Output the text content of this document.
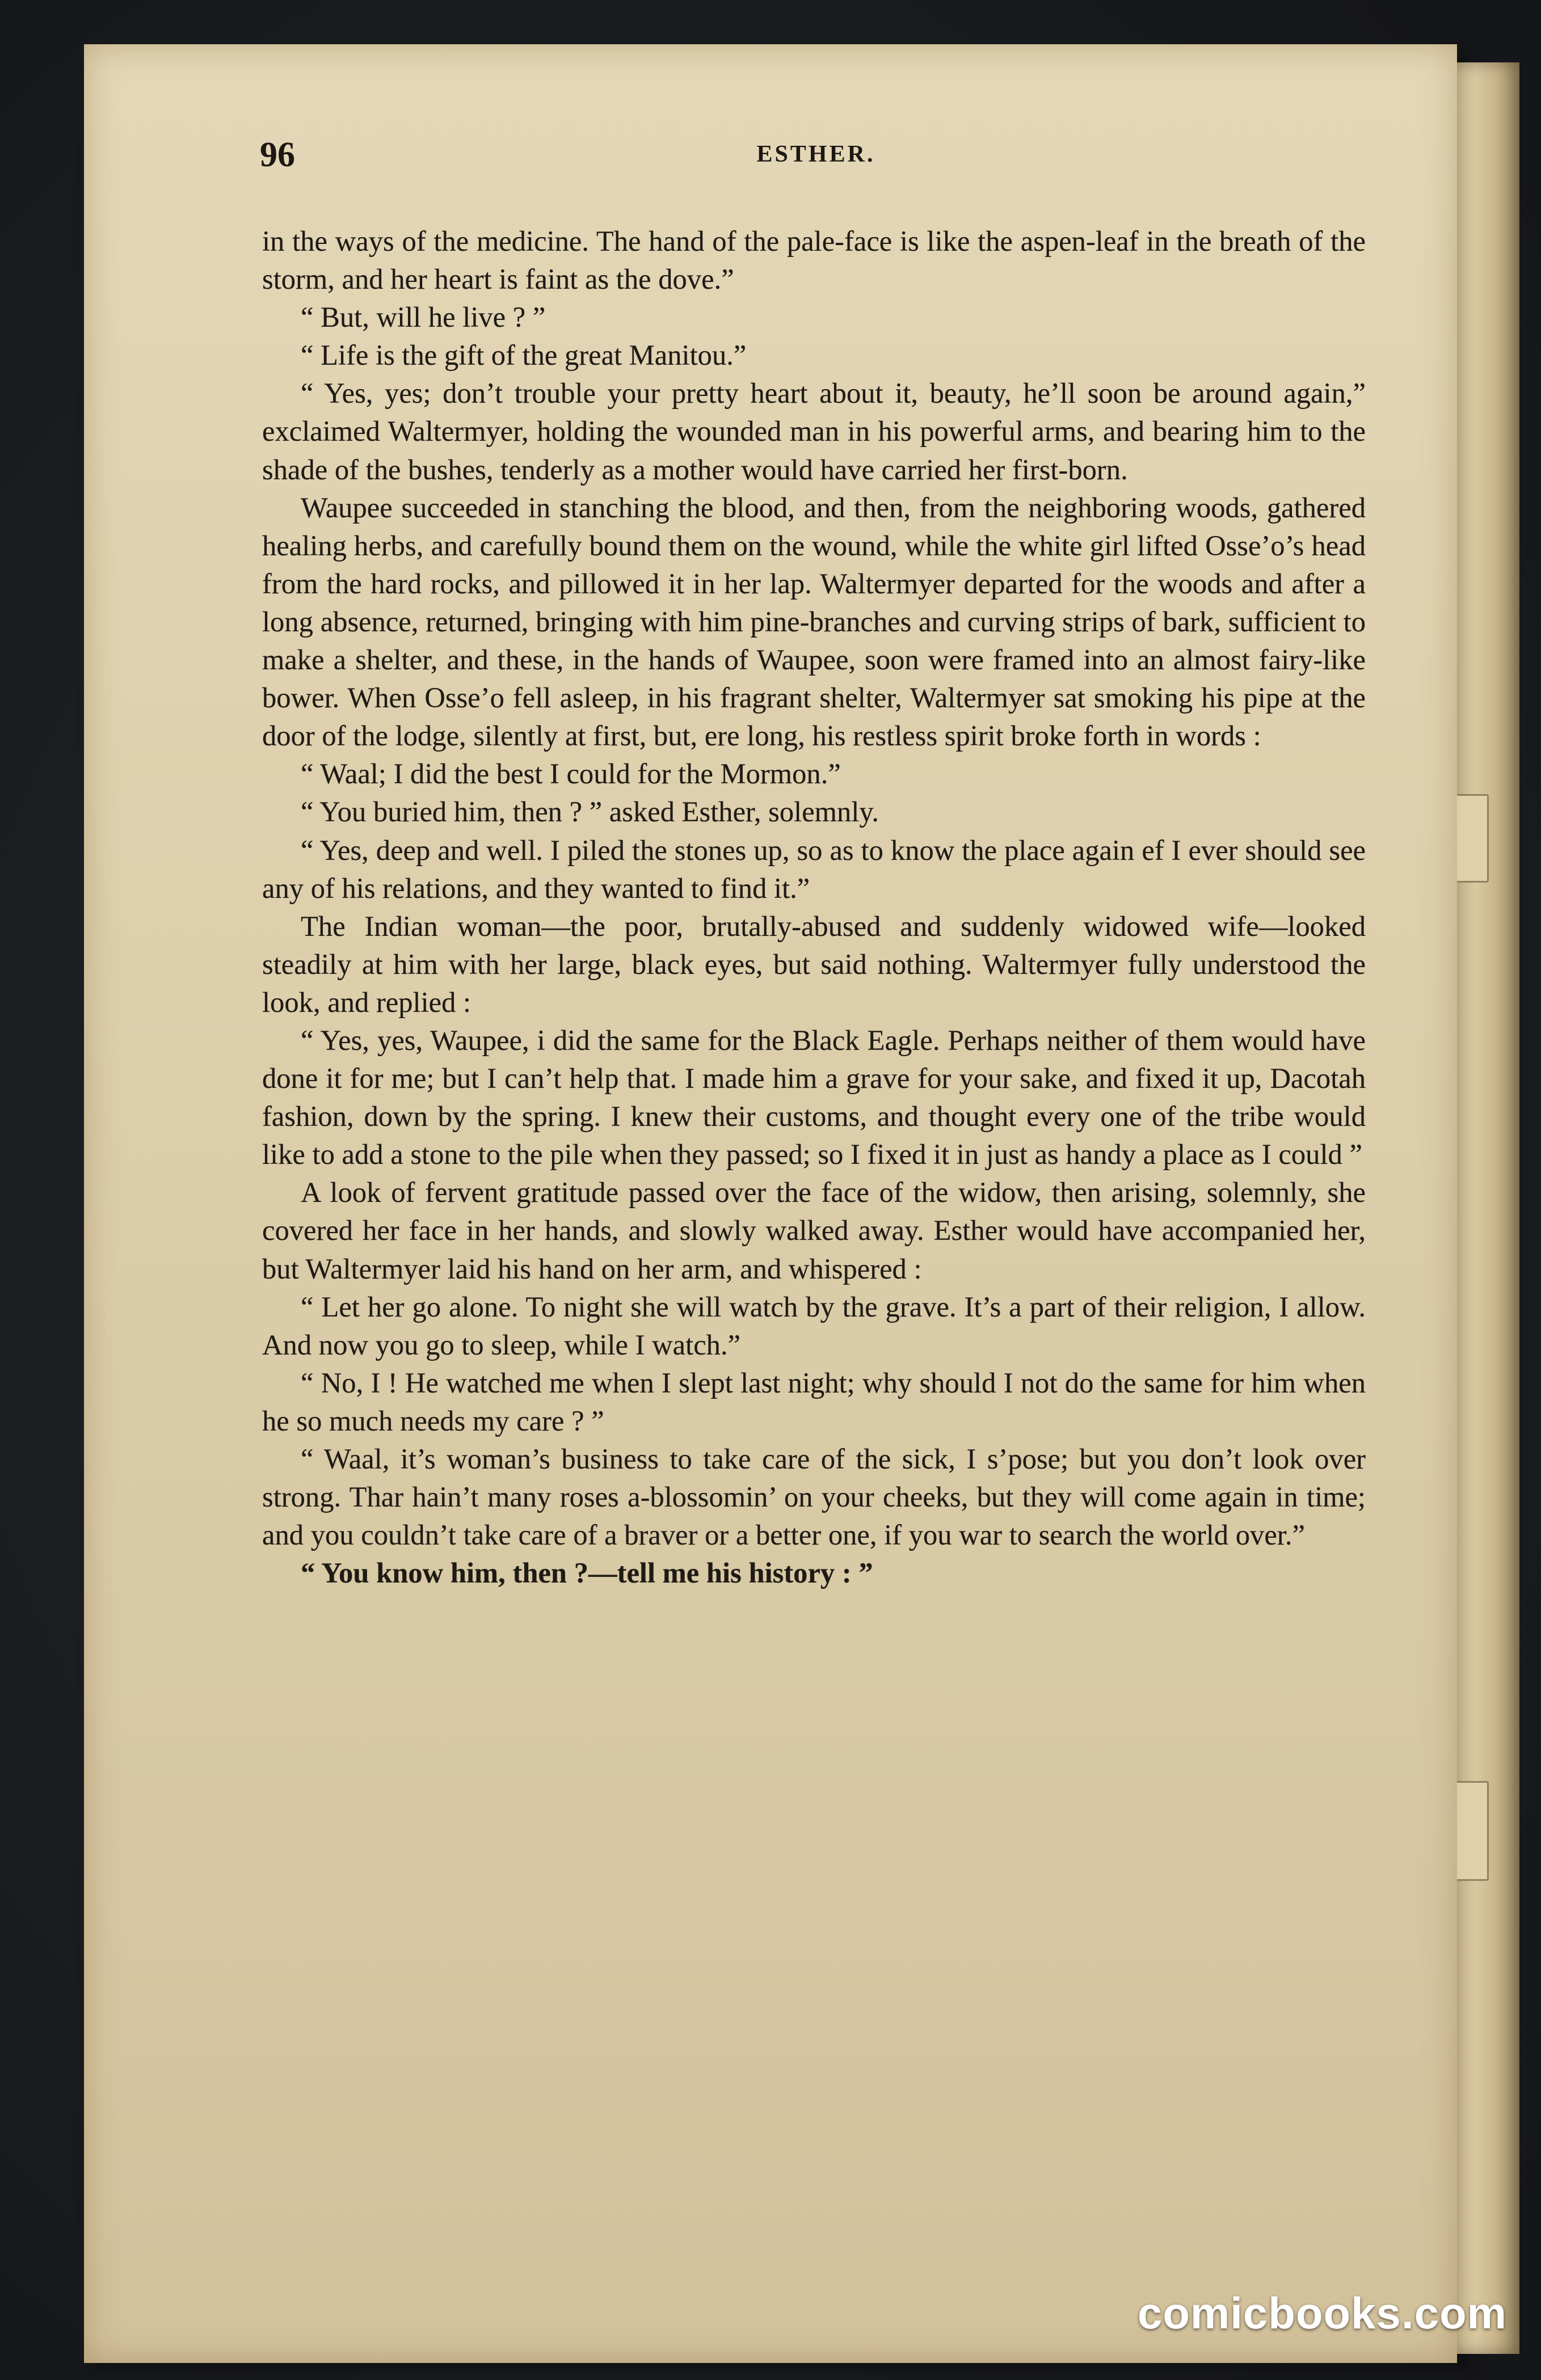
96	ESTHER.

in the ways of the medicine. The hand of the pale-face is like the aspen-leaf in the breath of the storm, and her heart is faint as the dove.”

“ But, will he live ? ”

“ Life is the gift of the great Manitou.”

“ Yes, yes; don’t trouble your pretty heart about it, beauty, he’ll soon be around again,” exclaimed Waltermyer, holding the wounded man in his powerful arms, and bearing him to the shade of the bushes, tenderly as a mother would have carried her first-born.

Waupee succeeded in stanching the blood, and then, from the neighboring woods, gathered healing herbs, and carefully bound them on the wound, while the white girl lifted Osse’o’s head from the hard rocks, and pillowed it in her lap. Waltermyer departed for the woods and after a long absence, returned, bringing with him pine-branches and curving strips of bark, sufficient to make a shelter, and these, in the hands of Waupee, soon were framed into an almost fairy-like bower. When Osse’o fell asleep, in his fragrant shelter, Waltermyer sat smoking his pipe at the door of the lodge, silently at first, but, ere long, his restless spirit broke forth in words :

“ Waal; I did the best I could for the Mormon.”

“ You buried him, then ? ” asked Esther, solemnly.

“ Yes, deep and well. I piled the stones up, so as to know the place again ef I ever should see any of his relations, and they wanted to find it.”

The Indian woman—the poor, brutally-abused and suddenly widowed wife—looked steadily at him with her large, black eyes, but said nothing. Waltermyer fully understood the look, and replied :

“ Yes, yes, Waupee, i did the same for the Black Eagle. Perhaps neither of them would have done it for me; but I can’t help that. I made him a grave for your sake, and fixed it up, Dacotah fashion, down by the spring. I knew their customs, and thought every one of the tribe would like to add a stone to the pile when they passed; so I fixed it in just as handy a place as I could ”

A look of fervent gratitude passed over the face of the widow, then arising, solemnly, she covered her face in her hands, and slowly walked away. Esther would have accompanied her, but Waltermyer laid his hand on her arm, and whispered :

“ Let her go alone. To night she will watch by the grave. It’s a part of their religion, I allow. And now you go to sleep, while I watch.”

“ No, I ! He watched me when I slept last night; why should I not do the same for him when he so much needs my care ? ”

“ Waal, it’s woman’s business to take care of the sick, I s’pose; but you don’t look over strong. Thar hain’t many roses a-blossomin’ on your cheeks, but they will come again in time; and you couldn’t take care of a braver or a better one, if you war to search the world over.”

“ You know him, then ?—tell me his history : ”

comicbooks.com
